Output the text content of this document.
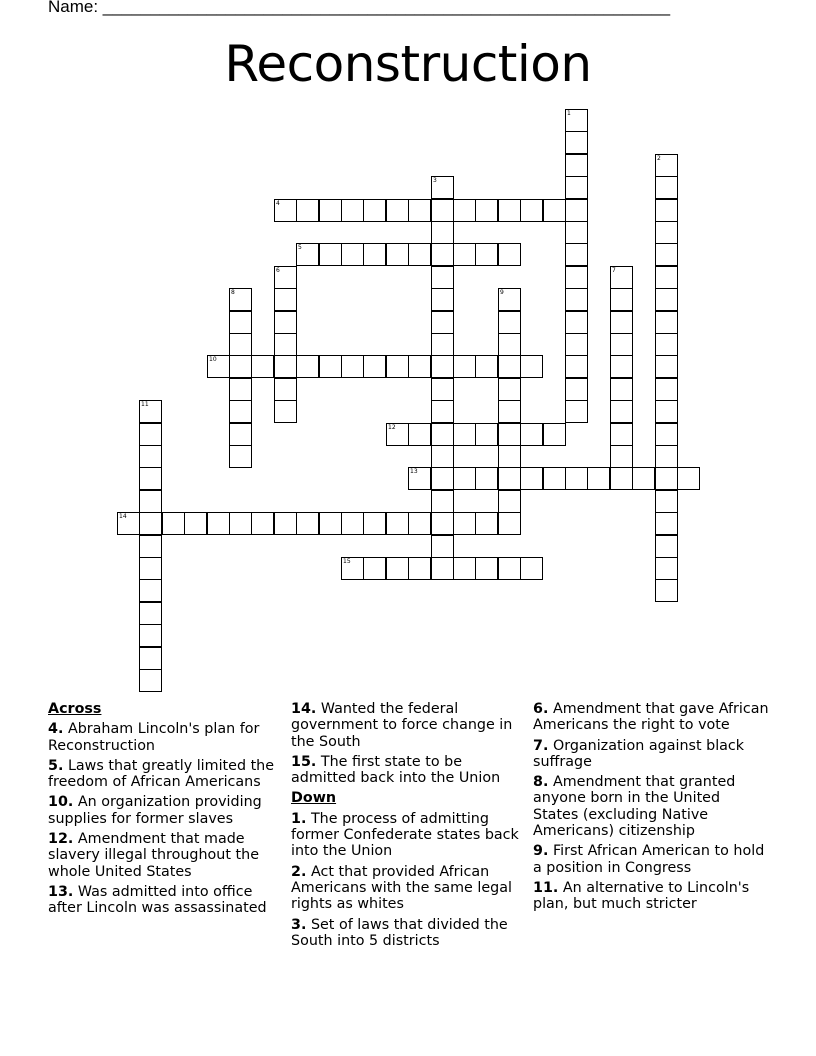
Name: ____________________________________________________________
Reconstruction
1
2
3
4
5
6	7
8	9
10
11
12
13
14
15
Across
4. Abraham Lincoln's plan for Reconstruction
5. Laws that greatly limited the freedom of African Americans
10. An organization providing supplies for former slaves
12. Amendment that made slavery illegal throughout the whole United States
13. Was admitted into office after Lincoln was assassinated
14. Wanted the federal government to force change in the South
15. The first state to be admitted back into the Union
Down
1. The process of admitting former Confederate states back into the Union
2. Act that provided African Americans with the same legal rights as whites
3. Set of laws that divided the South into 5 districts
6. Amendment that gave African Americans the right to vote
7. Organization against black suffrage
8. Amendment that granted anyone born in the United States (excluding Native Americans) citizenship
9. First African American to hold a position in Congress
11. An alternative to Lincoln's plan, but much stricter
